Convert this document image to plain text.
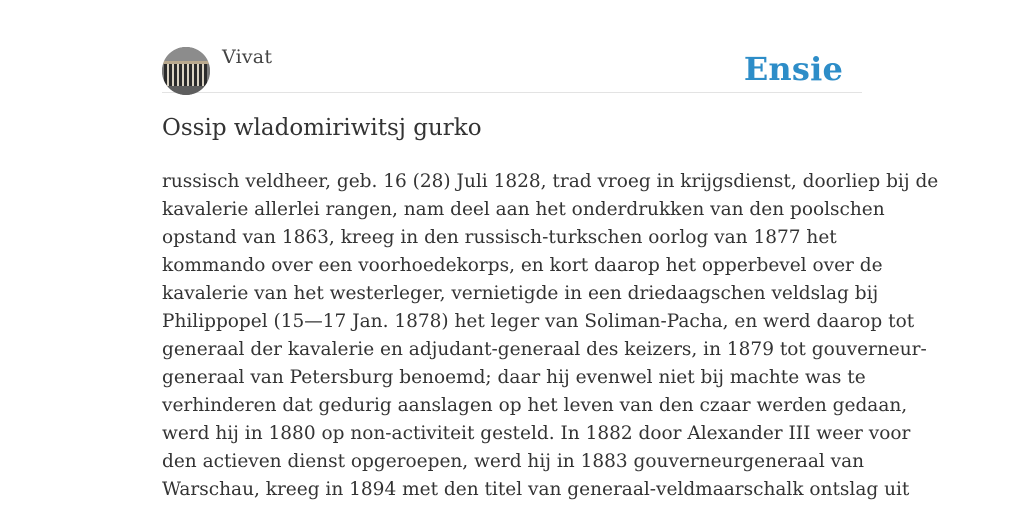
Vivat	Ensie
Ossip wladomiriwitsj gurko

russisch veldheer, geb. 16 (28) Juli 1828, trad vroeg in krijgsdienst, doorliep bij de
kavalerie allerlei rangen, nam deel aan het onderdrukken van den poolschen
opstand van 1863, kreeg in den russisch-turkschen oorlog van 1877 het
kommando over een voorhoedekorps, en kort daarop het opperbevel over de
kavalerie van het westerleger, vernietigde in een driedaagschen veldslag bij
Philippopel (15—17 Jan. 1878) het leger van Soliman-Pacha, en werd daarop tot
generaal der kavalerie en adjudant-generaal des keizers, in 1879 tot gouverneur-
generaal van Petersburg benoemd; daar hij evenwel niet bij machte was te
verhinderen dat gedurig aanslagen op het leven van den czaar werden gedaan,
werd hij in 1880 op non-activiteit gesteld. In 1882 door Alexander III weer voor
den actieven dienst opgeroepen, werd hij in 1883 gouverneurgeneraal van
Warschau, kreeg in 1894 met den titel van generaal-veldmaarschalk ontslag uit
